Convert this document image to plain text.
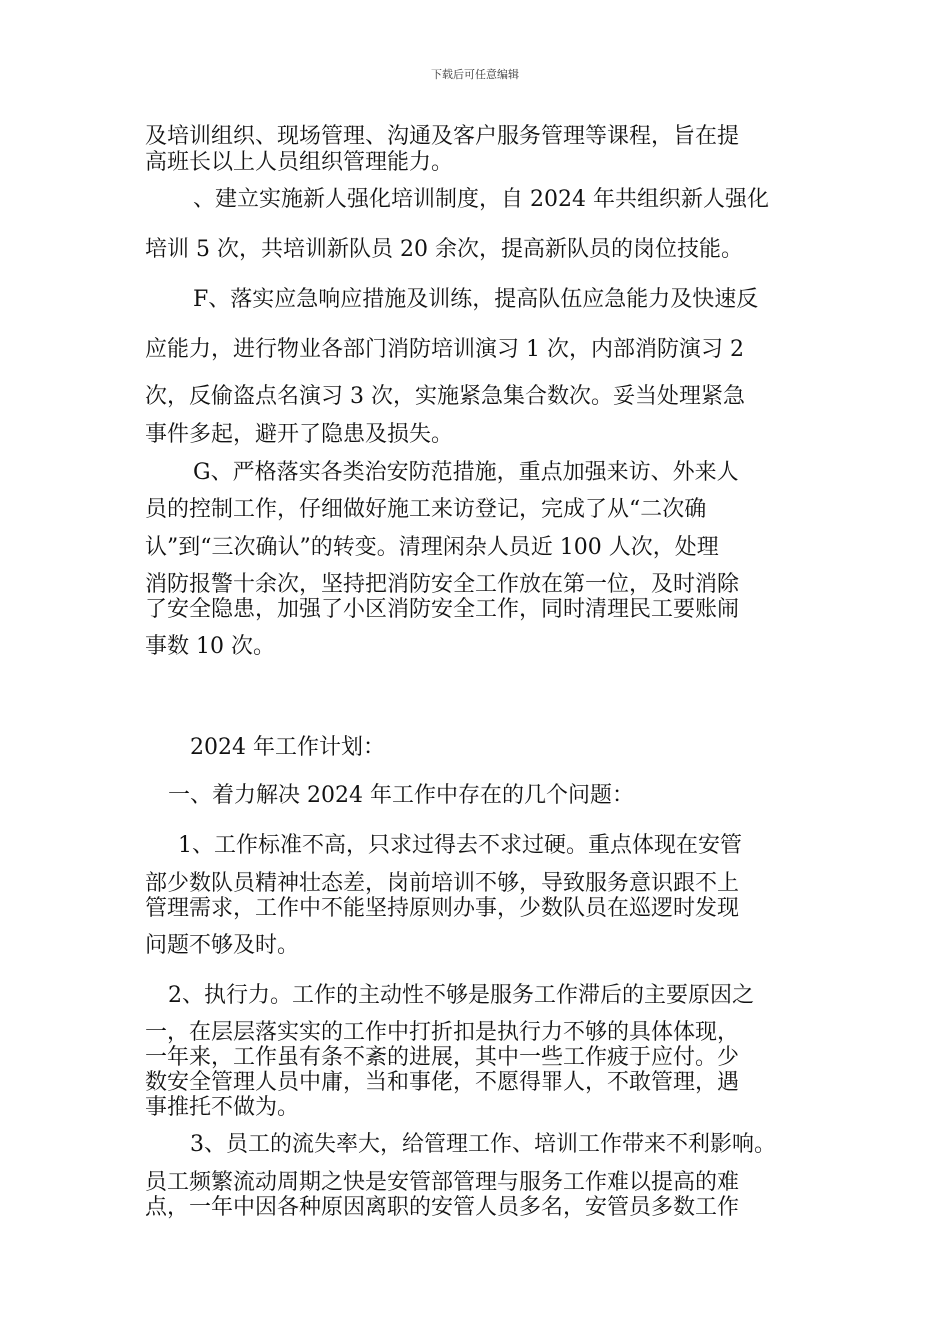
下载后可任意编辑
及培训组织、现场管理、沟通及客户服务管理等课程，旨在提
高班长以上人员组织管理能力。
、建立实施新人强化培训制度，自 2024 年共组织新人强化
培训 5 次，共培训新队员 20 余次，提高新队员的岗位技能。
F、落实应急响应措施及训练，提高队伍应急能力及快速反
应能力，进行物业各部门消防培训演习 1 次，内部消防演习 2
次，反偷盗点名演习 3 次，实施紧急集合数次。妥当处理紧急
事件多起，避开了隐患及损失。
G、严格落实各类治安防范措施，重点加强来访、外来人
员的控制工作，仔细做好施工来访登记，完成了从“二次确
认”到“三次确认”的转变。清理闲杂人员近 100 人次，处理
消防报警十余次，坚持把消防安全工作放在第一位，及时消除
了安全隐患，加强了小区消防安全工作，同时清理民工要账闹
事数 10 次。
2024 年工作计划：
一、着力解决 2024 年工作中存在的几个问题：
1、工作标准不高，只求过得去不求过硬。重点体现在安管
部少数队员精神壮态差，岗前培训不够，导致服务意识跟不上
管理需求，工作中不能坚持原则办事，少数队员在巡逻时发现
问题不够及时。
2、执行力。工作的主动性不够是服务工作滞后的主要原因之
一，在层层落实实的工作中打折扣是执行力不够的具体体现，
一年来，工作虽有条不紊的进展，其中一些工作疲于应付。少
数安全管理人员中庸，当和事佬，不愿得罪人，不敢管理，遇
事推托不做为。
3、员工的流失率大，给管理工作、培训工作带来不利影响。
员工频繁流动周期之快是安管部管理与服务工作难以提高的难
点，一年中因各种原因离职的安管人员多名，安管员多数工作
